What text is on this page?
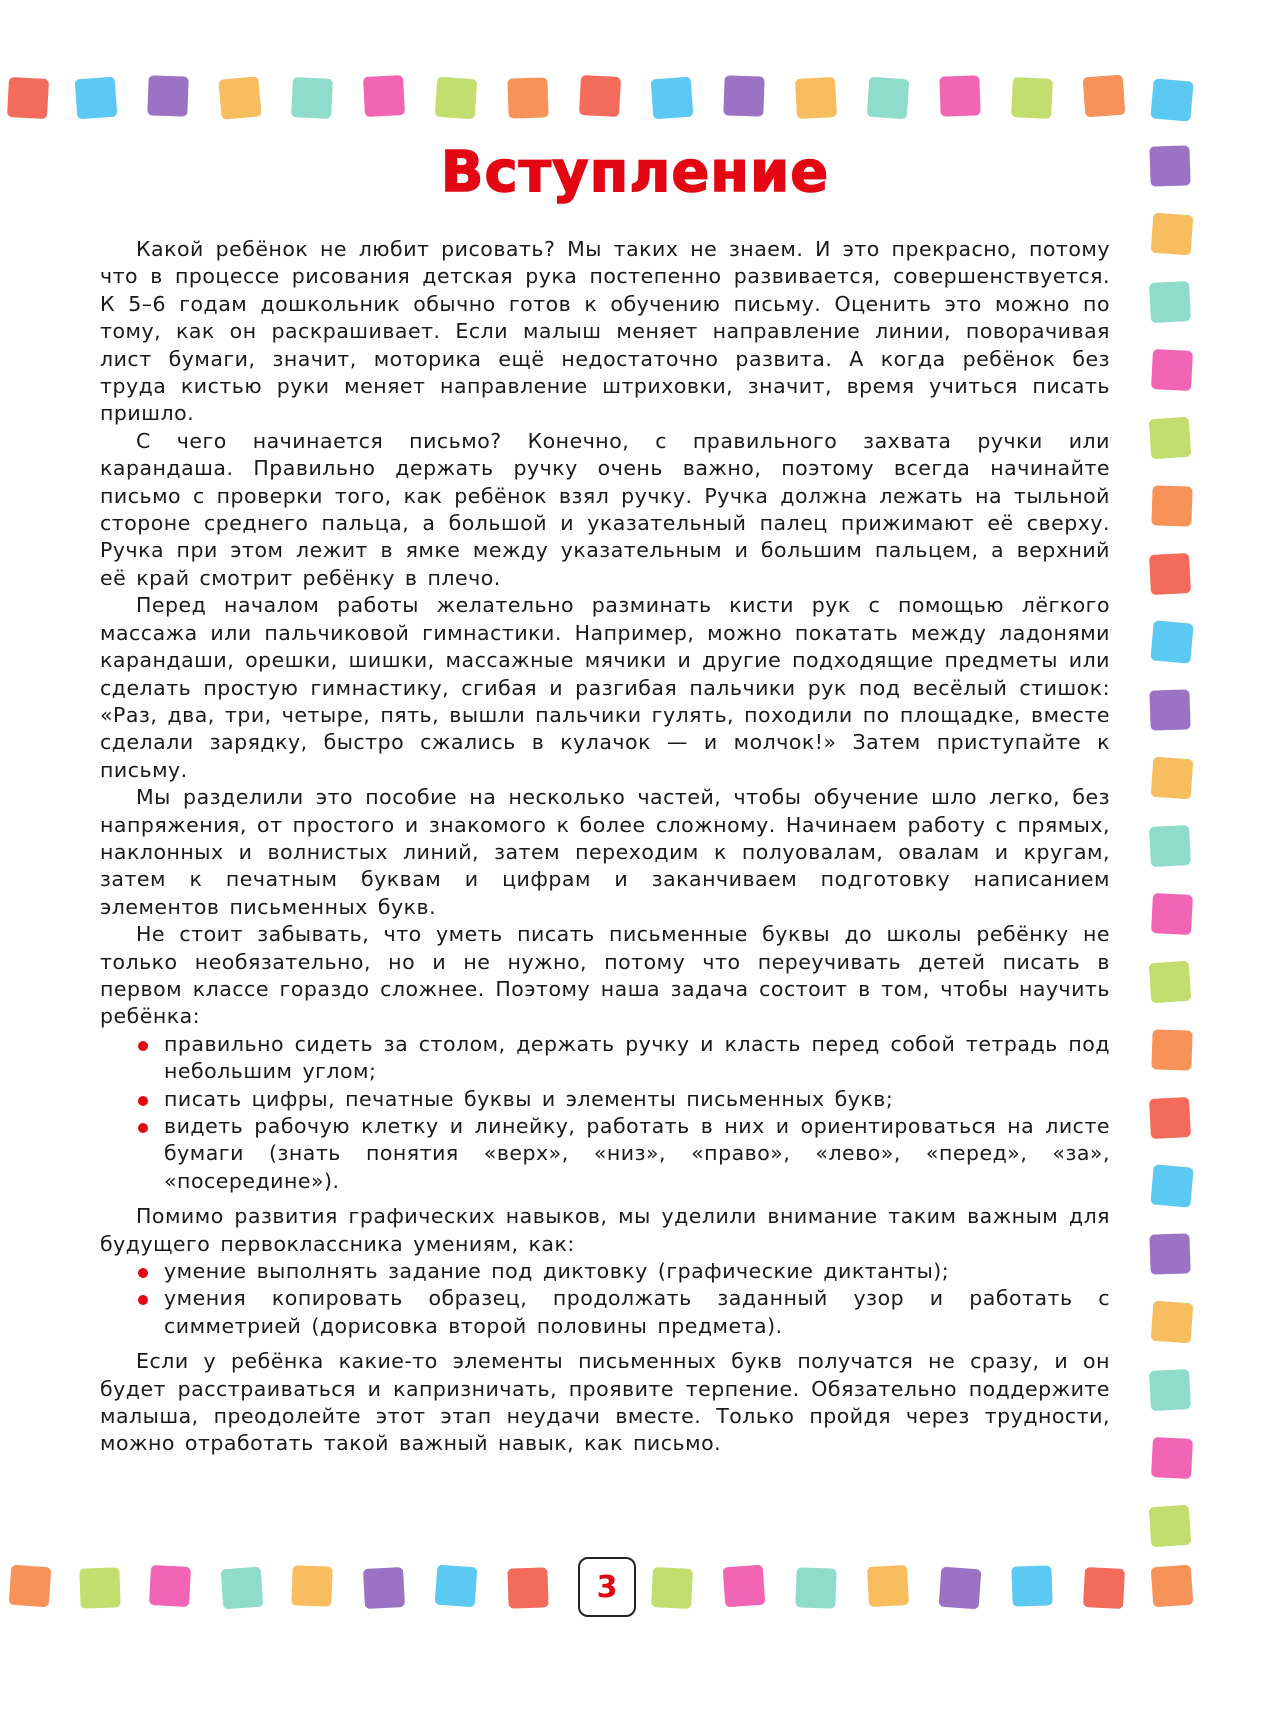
Вступление

Какой ребёнок не любит рисовать? Мы таких не знаем. И это прекрасно, потому что в процессе рисования детская рука постепенно развивается, совершенствуется. К 5–6 годам дошкольник обычно готов к обучению письму. Оценить это можно по тому, как он раскрашивает. Если малыш меняет направление линии, поворачивая лист бумаги, значит, моторика ещё недостаточно развита. А когда ребёнок без труда кистью руки меняет направление штриховки, значит, время учиться писать пришло.

С чего начинается письмо? Конечно, с правильного захвата ручки или карандаша. Правильно держать ручку очень важно, поэтому всегда начинайте письмо с проверки того, как ребёнок взял ручку. Ручка должна лежать на тыльной стороне среднего пальца, а большой и указательный палец прижимают её сверху. Ручка при этом лежит в ямке между указательным и большим пальцем, а верхний её край смотрит ребёнку в плечо.

Перед началом работы желательно разминать кисти рук с помощью лёгкого массажа или пальчиковой гимнастики. Например, можно покатать между ладонями карандаши, орешки, шишки, массажные мячики и другие подходящие предметы или сделать простую гимнастику, сгибая и разгибая пальчики рук под весёлый стишок: «Раз, два, три, четыре, пять, вышли пальчики гулять, походили по площадке, вместе сделали зарядку, быстро сжались в кулачок — и молчок!» Затем приступайте к письму.

Мы разделили это пособие на несколько частей, чтобы обучение шло легко, без напряжения, от простого и знакомого к более сложному. Начинаем работу с прямых, наклонных и волнистых линий, затем переходим к полуовалам, овалам и кругам, затем к печатным буквам и цифрам и заканчиваем подготовку написанием элементов письменных букв.

Не стоит забывать, что уметь писать письменные буквы до школы ребёнку не только необязательно, но и не нужно, потому что переучивать детей писать в первом классе гораздо сложнее. Поэтому наша задача состоит в том, чтобы научить ребёнка:

правильно сидеть за столом, держать ручку и класть перед собой тетрадь под небольшим углом;
писать цифры, печатные буквы и элементы письменных букв;
видеть рабочую клетку и линейку, работать в них и ориентироваться на листе бумаги (знать понятия «верх», «низ», «право», «лево», «перед», «за», «посередине»).

Помимо развития графических навыков, мы уделили внимание таким важным для будущего первоклассника умениям, как:

умение выполнять задание под диктовку (графические диктанты);
умения копировать образец, продолжать заданный узор и работать с симметрией (дорисовка второй половины предмета).

Если у ребёнка какие-то элементы письменных букв получатся не сразу, и он будет расстраиваться и капризничать, проявите терпение. Обязательно поддержите малыша, преодолейте этот этап неудачи вместе. Только пройдя через трудности, можно отработать такой важный навык, как письмо.

3
